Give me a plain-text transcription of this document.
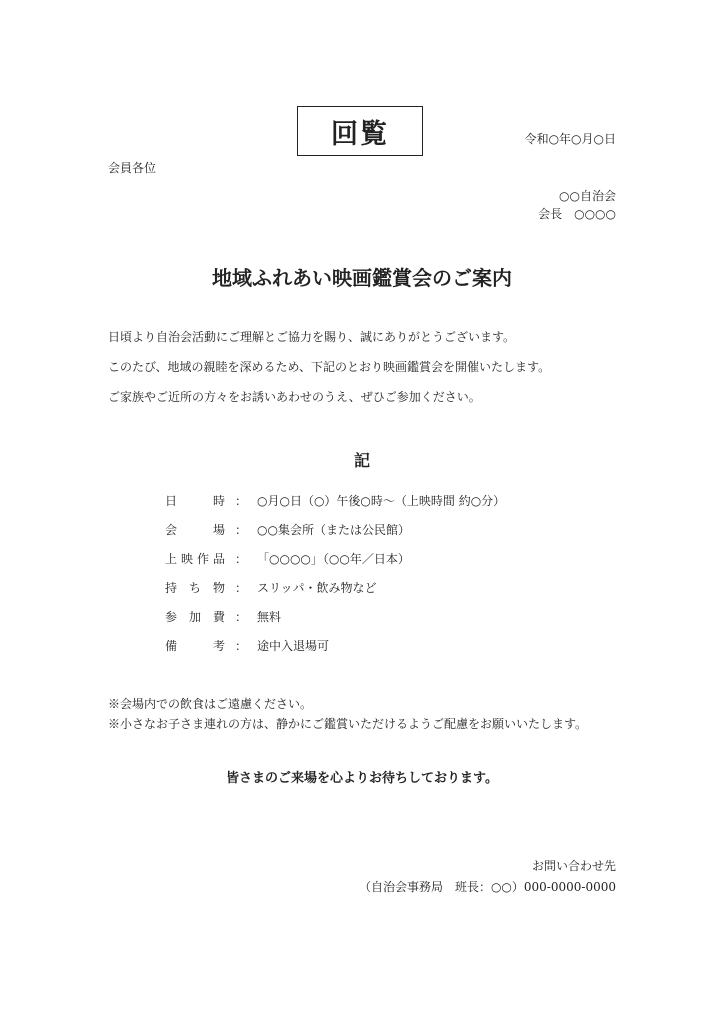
回覧	令和○年○月○日
会員各位
○○自治会
会長　○○○○
地域ふれあい映画鑑賞会のご案内
日頃より自治会活動にご理解とご協力を賜り、誠にありがとうございます。
このたび、地域の親睦を深めるため、下記のとおり映画鑑賞会を開催いたします。
ご家族やご近所の方々をお誘いあわせのうえ、ぜひご参加ください。
記
日時 ： ○月○日（○）午後○時～（上映時間 約○分）
会場 ： ○○集会所（または公民館）
上映作品 ： 「○○○○」（○○年／日本）
持ち物 ： スリッパ・飲み物など
参加費 ： 無料
備考 ： 途中入退場可
※会場内での飲食はご遠慮ください。
※小さなお子さま連れの方は、静かにご鑑賞いただけるようご配慮をお願いいたします。
皆さまのご来場を心よりお待ちしております。
お問い合わせ先
（自治会事務局　班長：○○）000-0000-0000
